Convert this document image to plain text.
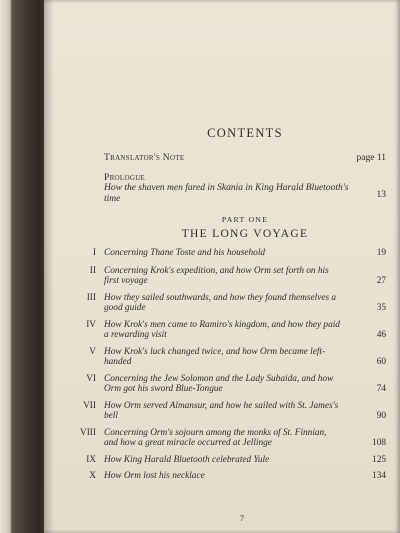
CONTENTS
Translator's Note	page 11
Prologue
How the shaven men fared in Skania in King Harald Bluetooth's time	13
PART ONE
THE LONG VOYAGE
I Concerning Thane Toste and his household	19
II Concerning Krok's expedition, and how Orm set forth on his first voyage	27
III How they sailed southwards, and how they found themselves a good guide	35
IV How Krok's men came to Ramiro's kingdom, and how they paid a rewarding visit	46
V How Krok's luck changed twice, and how Orm became left-handed	60
VI Concerning the Jew Solomon and the Lady Subaida, and how Orm got his sword Blue-Tongue	74
VII How Orm served Almansur, and how he sailed with St. James's bell	90
VIII Concerning Orm's sojourn among the monks of St. Finnian, and how a great miracle occurred at Jellinge	108
IX How King Harald Bluetooth celebrated Yule	125
X How Orm lost his necklace	134
7
